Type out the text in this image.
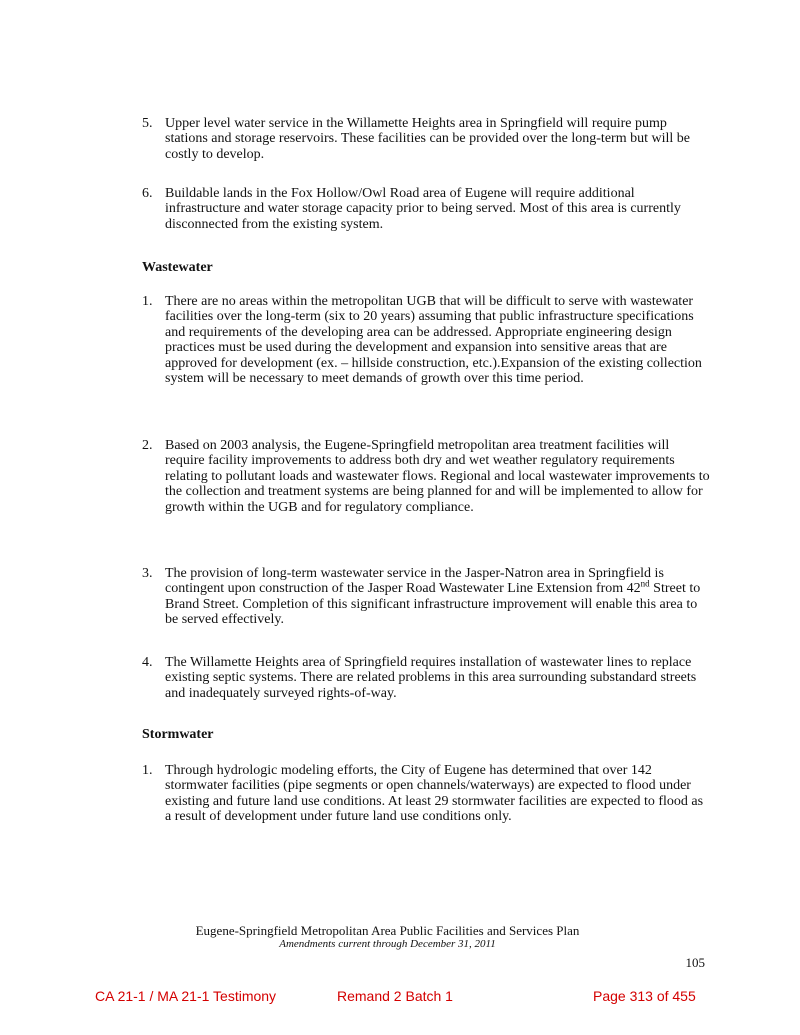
5. Upper level water service in the Willamette Heights area in Springfield will require pump stations and storage reservoirs. These facilities can be provided over the long-term but will be costly to develop.
6. Buildable lands in the Fox Hollow/Owl Road area of Eugene will require additional infrastructure and water storage capacity prior to being served. Most of this area is currently disconnected from the existing system.
Wastewater
1. There are no areas within the metropolitan UGB that will be difficult to serve with wastewater facilities over the long-term (six to 20 years) assuming that public infrastructure specifications and requirements of the developing area can be addressed. Appropriate engineering design practices must be used during the development and expansion into sensitive areas that are approved for development (ex. – hillside construction, etc.).Expansion of the existing collection system will be necessary to meet demands of growth over this time period.
2. Based on 2003 analysis, the Eugene-Springfield metropolitan area treatment facilities will require facility improvements to address both dry and wet weather regulatory requirements relating to pollutant loads and wastewater flows. Regional and local wastewater improvements to the collection and treatment systems are being planned for and will be implemented to allow for growth within the UGB and for regulatory compliance.
3. The provision of long-term wastewater service in the Jasper-Natron area in Springfield is contingent upon construction of the Jasper Road Wastewater Line Extension from 42nd Street to Brand Street. Completion of this significant infrastructure improvement will enable this area to be served effectively.
4. The Willamette Heights area of Springfield requires installation of wastewater lines to replace existing septic systems. There are related problems in this area surrounding substandard streets and inadequately surveyed rights-of-way.
Stormwater
1. Through hydrologic modeling efforts, the City of Eugene has determined that over 142 stormwater facilities (pipe segments or open channels/waterways) are expected to flood under existing and future land use conditions. At least 29 stormwater facilities are expected to flood as a result of development under future land use conditions only.
Eugene-Springfield Metropolitan Area Public Facilities and Services Plan
Amendments current through December 31, 2011
105
CA 21-1 / MA 21-1 Testimony	Remand 2 Batch 1	Page 313 of 455
